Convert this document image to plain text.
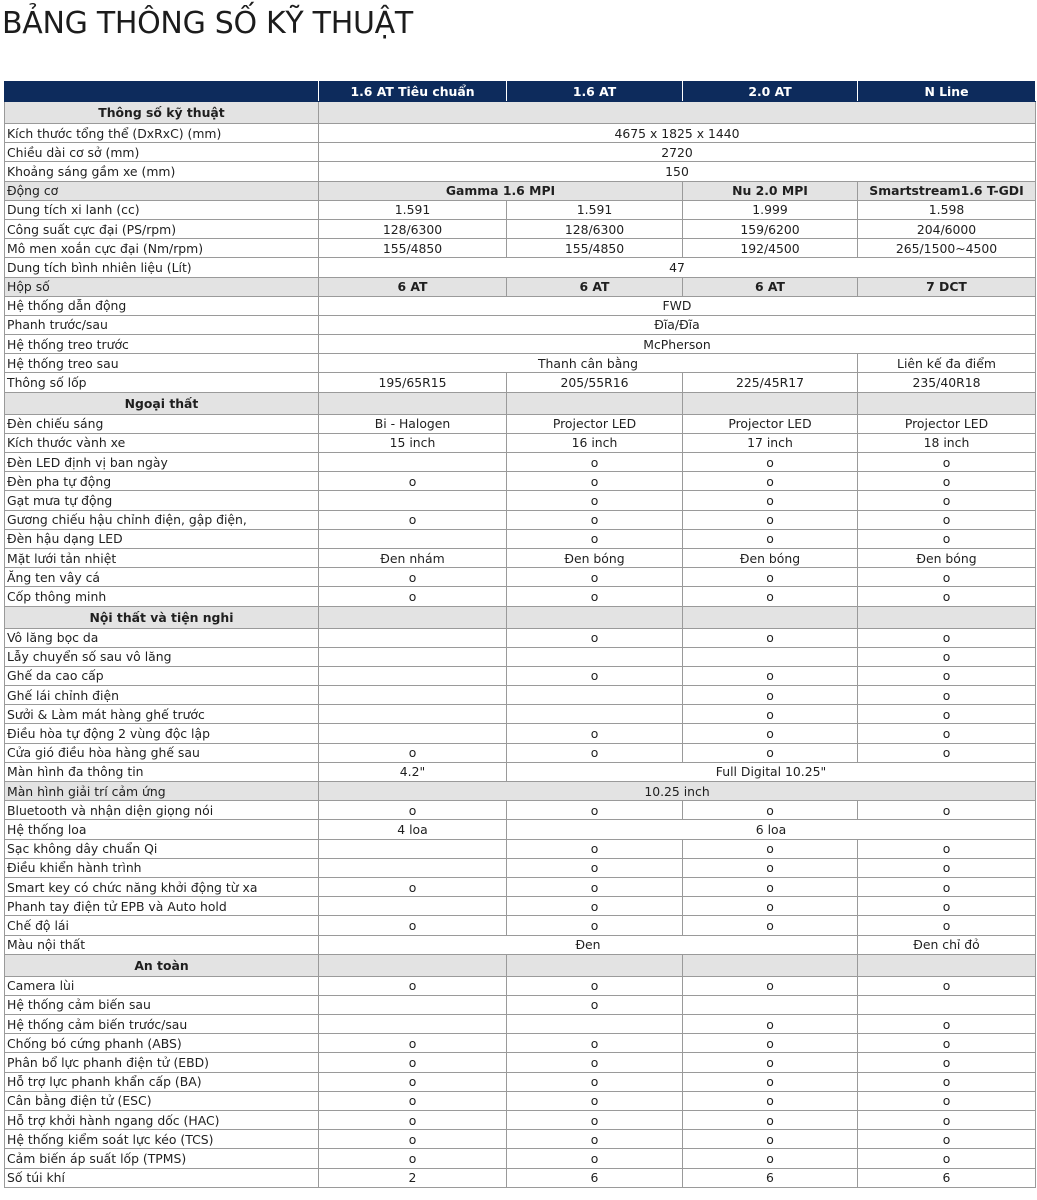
BẢNG THÔNG SỐ KỸ THUẬT
	1.6 AT Tiêu chuẩn	1.6 AT	2.0 AT	N Line
Thông số kỹ thuật				
Kích thước tổng thể (DxRxC) (mm)	4675 x 1825 x 1440			
Chiều dài cơ sở (mm)	2720			
Khoảng sáng gầm xe (mm)	150			
Động cơ	Gamma 1.6 MPI		Nu 2.0 MPI	Smartstream1.6 T-GDI
Dung tích xi lanh (cc)	1.591	1.591	1.999	1.598
Công suất cực đại (PS/rpm)	128/6300	128/6300	159/6200	204/6000
Mô men xoắn cực đại (Nm/rpm)	155/4850	155/4850	192/4500	265/1500~4500
Dung tích bình nhiên liệu (Lít)	47			
Hộp số	6 AT	6 AT	6 AT	7 DCT
Hệ thống dẫn động	FWD			
Phanh trước/sau	Đĩa/Đĩa			
Hệ thống treo trước	McPherson			
Hệ thống treo sau	Thanh cân bằng			Liên kế đa điểm
Thông số lốp	195/65R15	205/55R16	225/45R17	235/40R18
Ngoại thất				
Đèn chiếu sáng	Bi - Halogen	Projector LED	Projector LED	Projector LED
Kích thước vành xe	15 inch	16 inch	17 inch	18 inch
Đèn LED định vị ban ngày		o	o	o
Đèn pha tự động	o	o	o	o
Gạt mưa tự động		o	o	o
Gương chiếu hậu chỉnh điện, gập điện,	o	o	o	o
Đèn hậu dạng LED		o	o	o
Mặt lưới tản nhiệt	Đen nhám	Đen bóng	Đen bóng	Đen bóng
Ăng ten vây cá	o	o	o	o
Cốp thông minh	o	o	o	o
Nội thất và tiện nghi				
Vô lăng bọc da		o	o	o
Lẫy chuyển số sau vô lăng				o
Ghế da cao cấp		o	o	o
Ghế lái chỉnh điện			o	o
Sưởi & Làm mát hàng ghế trước			o	o
Điều hòa tự động 2 vùng độc lập		o	o	o
Cửa gió điều hòa hàng ghế sau	o	o	o	o
Màn hình đa thông tin	4.2"	Full Digital 10.25"		
Màn hình giải trí cảm ứng	10.25 inch			
Bluetooth và nhận diện giọng nói	o	o	o	o
Hệ thống loa	4 loa	6 loa		
Sạc không dây chuẩn Qi		o	o	o
Điều khiển hành trình		o	o	o
Smart key có chức năng khởi động từ xa	o	o	o	o
Phanh tay điện tử EPB và Auto hold		o	o	o
Chế độ lái	o	o	o	o
Màu nội thất	Đen			Đen chỉ đỏ
An toàn				
Camera lùi	o	o	o	o
Hệ thống cảm biến sau		o		
Hệ thống cảm biến trước/sau			o	o
Chống bó cứng phanh (ABS)	o	o	o	o
Phân bổ lực phanh điện tử (EBD)	o	o	o	o
Hỗ trợ lực phanh khẩn cấp (BA)	o	o	o	o
Cân bằng điện tử (ESC)	o	o	o	o
Hỗ trợ khởi hành ngang dốc (HAC)	o	o	o	o
Hệ thống kiểm soát lực kéo (TCS)	o	o	o	o
Cảm biến áp suất lốp (TPMS)	o	o	o	o
Số túi khí	2	6	6	6
